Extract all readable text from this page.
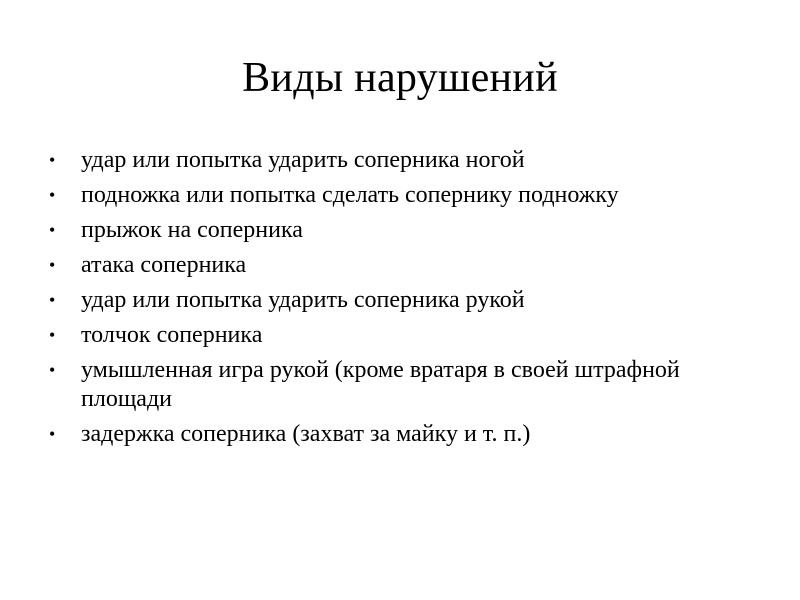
Виды нарушений
•	удар или попытка ударить соперника ногой
•	подножка или попытка сделать сопернику подножку
•	прыжок на соперника
•	атака соперника
•	удар или попытка ударить соперника рукой
•	толчок соперника
•	умышленная игра рукой (кроме вратаря в своей штрафной площади
•	задержка соперника (захват за майку и т. п.)
